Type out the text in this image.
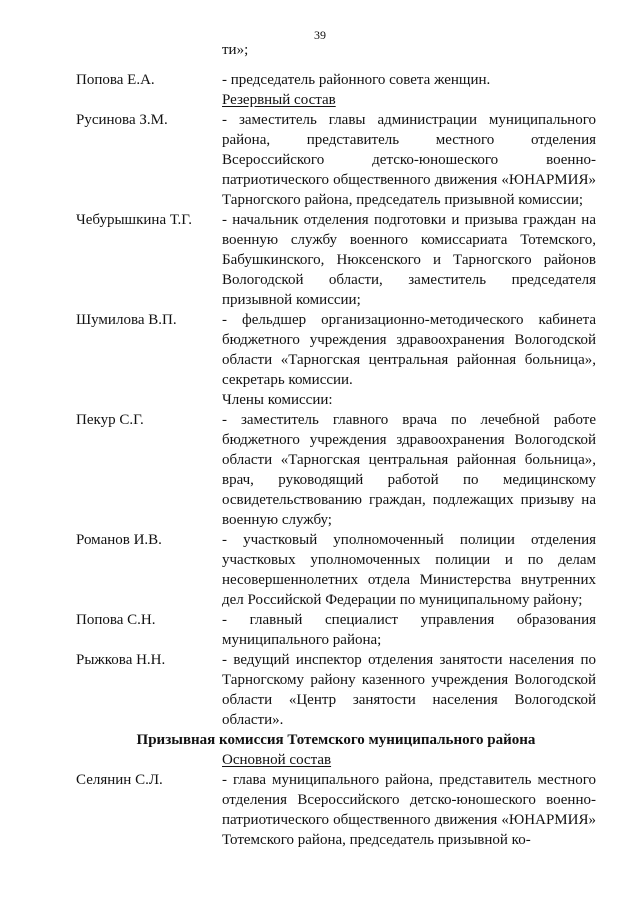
39
ти»;
Попова Е.А.	- председатель районного совета женщин.
Резервный состав
Русинова З.М.	- заместитель главы администрации муниципального района, представитель местного отделения Всероссийского детско-юношеского военно-патриотического общественного движения «ЮНАРМИЯ» Тарногского района, председатель призывной комиссии;
Чебурышкина Т.Г.	- начальник отделения подготовки и призыва граждан на военную службу военного комиссариата Тотемского, Бабушкинского, Нюксенского и Тарногского районов Вологодской области, заместитель председателя призывной комиссии;
Шумилова В.П.	- фельдшер организационно-методического кабинета бюджетного учреждения здравоохранения Вологодской области «Тарногская центральная районная больница», секретарь комиссии.
Члены комиссии:
Пекур С.Г.	- заместитель главного врача по лечебной работе бюджетного учреждения здравоохранения Вологодской области «Тарногская центральная районная больница», врач, руководящий работой по медицинскому освидетельствованию граждан, подлежащих призыву на военную службу;
Романов И.В.	- участковый уполномоченный полиции отделения участковых уполномоченных полиции и по делам несовершеннолетних отдела Министерства внутренних дел Российской Федерации по муниципальному району;
Попова С.Н.	- главный специалист управления образования муниципального района;
Рыжкова Н.Н.	- ведущий инспектор отделения занятости населения по Тарногскому району казенного учреждения Вологодской области «Центр занятости населения Вологодской области».
Призывная комиссия Тотемского муниципального района
Основной состав
Селянин С.Л.	- глава муниципального района, представитель местного отделения Всероссийского детско-юношеского военно-патриотического общественного движения «ЮНАРМИЯ» Тотемского района, председатель призывной ко-
